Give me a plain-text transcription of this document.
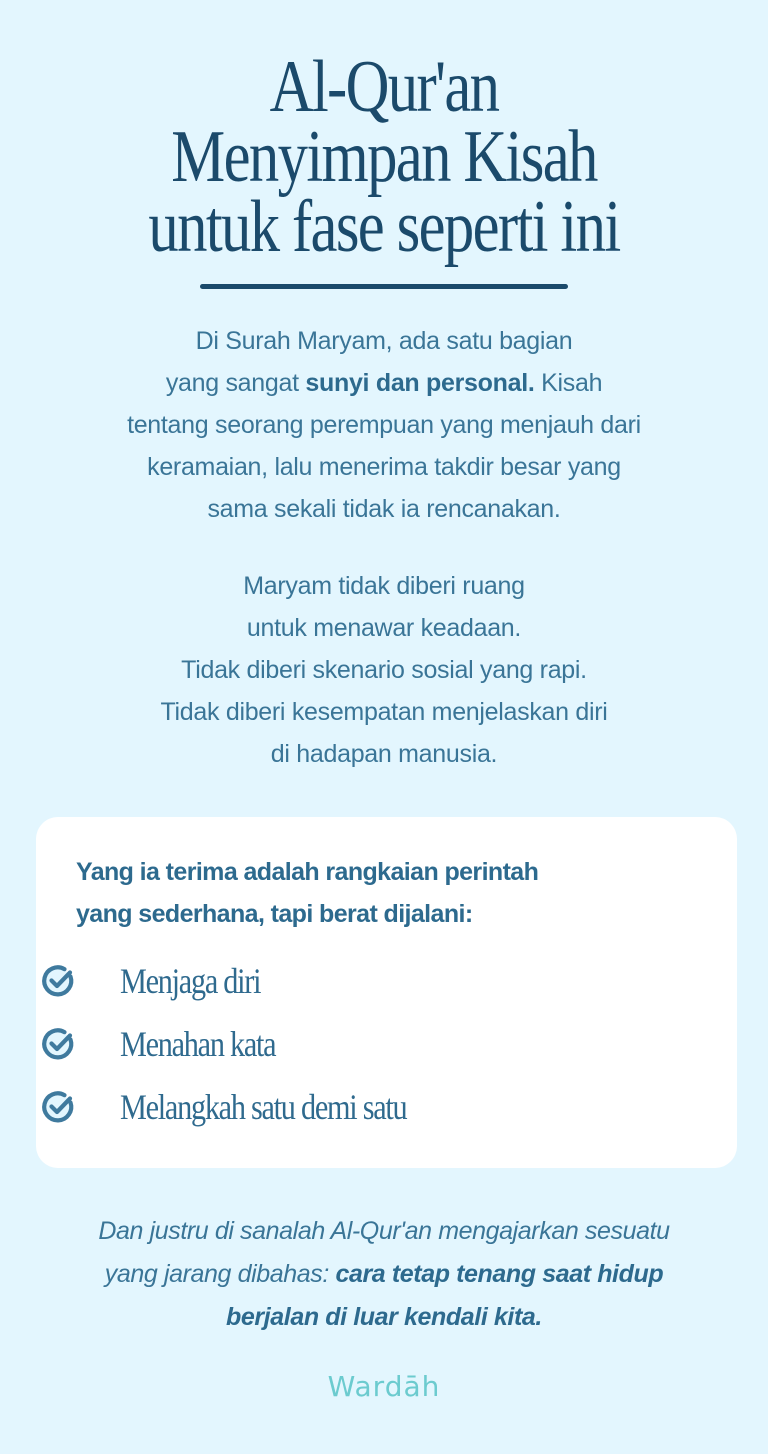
Al-Qur'an
Menyimpan Kisah
untuk fase seperti ini
Di Surah Maryam, ada satu bagian
yang sangat sunyi dan personal. Kisah
tentang seorang perempuan yang menjauh dari
keramaian, lalu menerima takdir besar yang
sama sekali tidak ia rencanakan.
Maryam tidak diberi ruang
untuk menawar keadaan.
Tidak diberi skenario sosial yang rapi.
Tidak diberi kesempatan menjelaskan diri
di hadapan manusia.
Yang ia terima adalah rangkaian perintah
yang sederhana, tapi berat dijalani:
Menjaga diri
Menahan kata
Melangkah satu demi satu
Dan justru di sanalah Al-Qur'an mengajarkan sesuatu
yang jarang dibahas: cara tetap tenang saat hidup
berjalan di luar kendali kita.
Wardāh
